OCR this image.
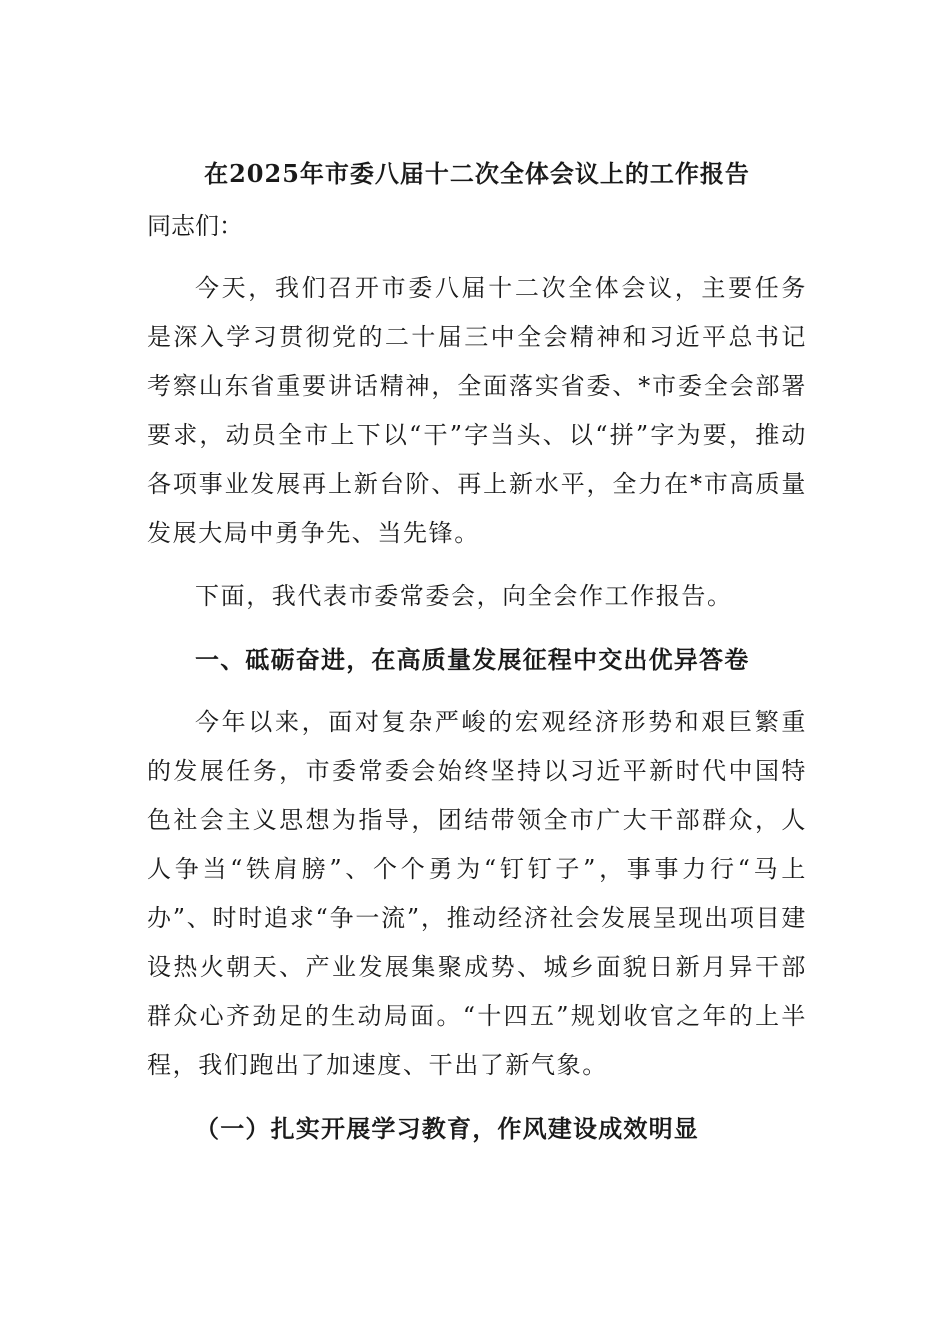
在2025年市委八届十二次全体会议上的工作报告
同志们：

今天，我们召开市委八届十二次全体会议，主要任务是深入学习贯彻党的二十届三中全会精神和习近平总书记考察山东省重要讲话精神，全面落实省委、*市委全会部署要求，动员全市上下以“干”字当头、以“拼”字为要，推动各项事业发展再上新台阶、再上新水平，全力在*市高质量发展大局中勇争先、当先锋。

下面，我代表市委常委会，向全会作工作报告。

一、砥砺奋进，在高质量发展征程中交出优异答卷

今年以来，面对复杂严峻的宏观经济形势和艰巨繁重的发展任务，市委常委会始终坚持以习近平新时代中国特色社会主义思想为指导，团结带领全市广大干部群众，人人争当“铁肩膀”、个个勇为“钉钉子”，事事力行“马上办”、时时追求“争一流”，推动经济社会发展呈现出项目建设热火朝天、产业发展集聚成势、城乡面貌日新月异干部群众心齐劲足的生动局面。“十四五”规划收官之年的上半程，我们跑出了加速度、干出了新气象。

（一）扎实开展学习教育，作风建设成效明显
